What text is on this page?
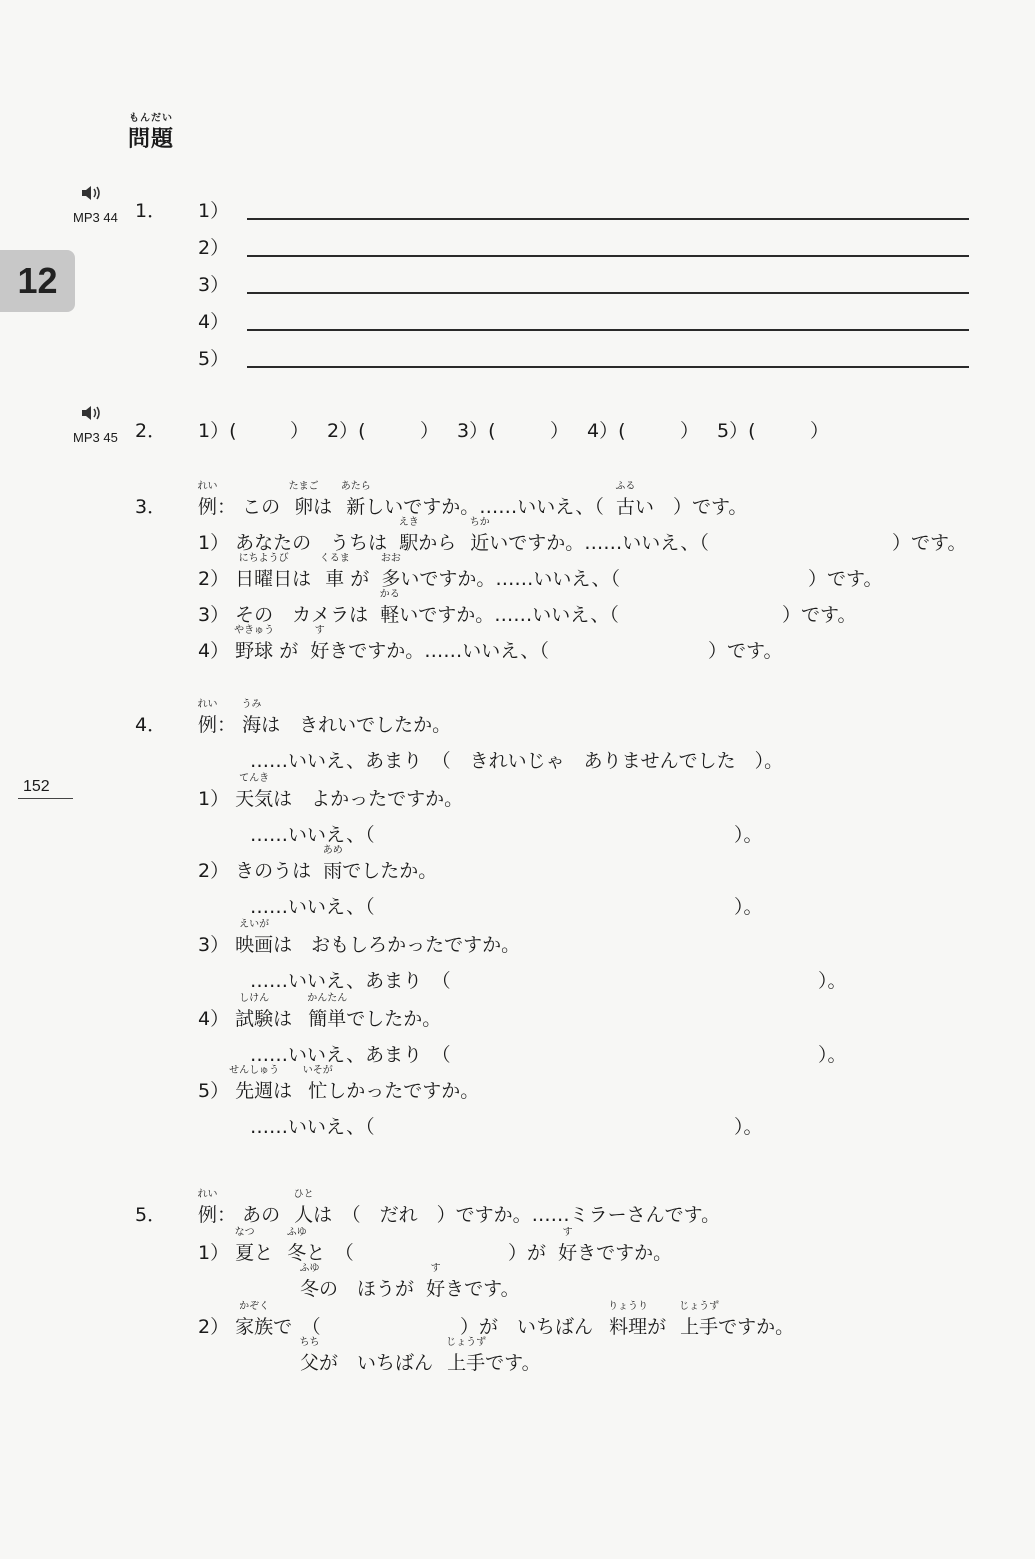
12
152
問題
もんだい
MP3 44
MP3 45
1． 1）
2）
3）
4）
5）
2． 1）(	） 2）(	） 3）(	） 4）(	） 5）(	）
3． 例：
れい
この 卵
たまご
は 新
あたら
しいですか。……いいえ、（ 古
ふる
い　）です。
1） あなたの　うちは 駅
えき
から 近
ちか
いですか。……いいえ、（	）です。
2） 日曜日
にちようび
は 車
くるま
が 多
おお
いですか。……いいえ、（	）です。
3） その　カメラは 軽
かる
いですか。……いいえ、（	）です。
4） 野球
やきゅう
が 好
す
きですか。……いいえ、（	）です。
4． 例：
れい
海
うみ
は　きれいでしたか。
……いいえ、あまり　（　きれいじゃ　ありませんでした　）。
1） 天気
てんき
は　よかったですか。
……いいえ、（	）。
2） きのうは 雨
あめ
でしたか。
……いいえ、（	）。
3） 映画
えいが
は　おもしろかったですか。
……いいえ、あまり　（	）。
4） 試験
しけん
は 簡単
かんたん
でしたか。
……いいえ、あまり　（	）。
5） 先週
せんしゅう
は 忙
いそが
しかったですか。
……いいえ、（	）。
5． 例：
れい
あの 人
ひと
は　（　だれ　）ですか。……ミラーさんです。
1） 夏
なつ
と 冬
ふゆ
と　（	）が 好
す
きですか。
冬
ふゆ
の　ほうが 好
す
きです。
2） 家族
かぞく
で　（	）が　いちばん 料理
りょうり
が 上手
じょうず
ですか。
父
ちち
が　いちばん 上手
じょうず
です。
